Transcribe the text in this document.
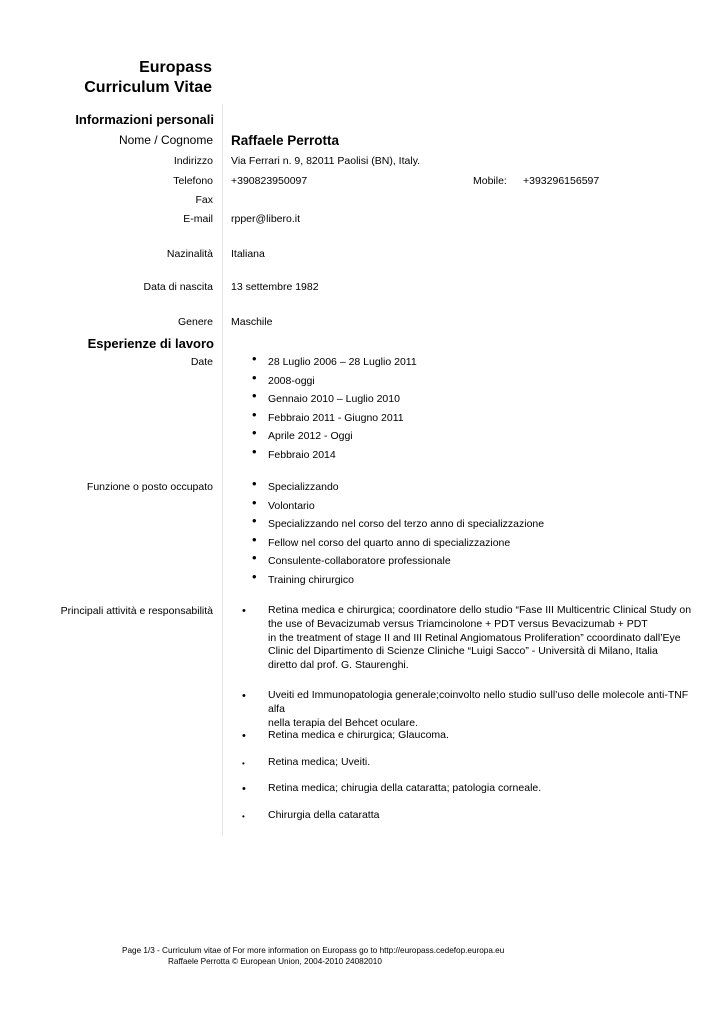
Europass
Curriculum Vitae
Informazioni personali
Nome / Cognome Raffaele Perrotta
Indirizzo Via Ferrari n. 9, 82011 Paolisi (BN), Italy.
Telefono +390823950097	Mobile: +393296156597
Fax
E-mail rpper@libero.it
Nazinalità Italiana
Data di nascita 13 settembre 1982
Genere Maschile
Esperienze di lavoro
Date	• 28 Luglio 2006 – 28 Luglio 2011
• 2008-oggi
• Gennaio 2010 – Luglio 2010
• Febbraio 2011 - Giugno 2011
• Aprile 2012 - Oggi
• Febbraio 2014
Funzione o posto occupato	• Specializzando
• Volontario
• Specializzando nel corso del terzo anno di specializzazione
• Fellow nel corso del quarto anno di specializzazione
• Consulente-collaboratore professionale
• Training chirurgico
Principali attività e responsabilità	• Retina medica e chirurgica; coordinatore dello studio “Fase III Multicentric Clinical Study on
the use of Bevacizumab versus Triamcinolone + PDT versus Bevacizumab + PDT
in the treatment of stage II and III Retinal Angiomatous Proliferation” ccoordinato dall’Eye
Clinic del Dipartimento di Scienze Cliniche “Luigi Sacco” - Università di Milano, Italia
diretto dal prof. G. Staurenghi.
• Uveiti ed Immunopatologia generale;coinvolto nello studio sull’uso delle molecole anti-TNF alfa
nella terapia del Behcet oculare.
• Retina medica e chirurgica; Glaucoma.
• Retina medica; Uveiti.
• Retina medica; chirugia della cataratta; patologia corneale.
• Chirurgia della cataratta
Page 1/3 - Curriculum vitae of For more information on Europass go to http://europass.cedefop.europa.eu
Raffaele Perrotta © European Union, 2004-2010 24082010
